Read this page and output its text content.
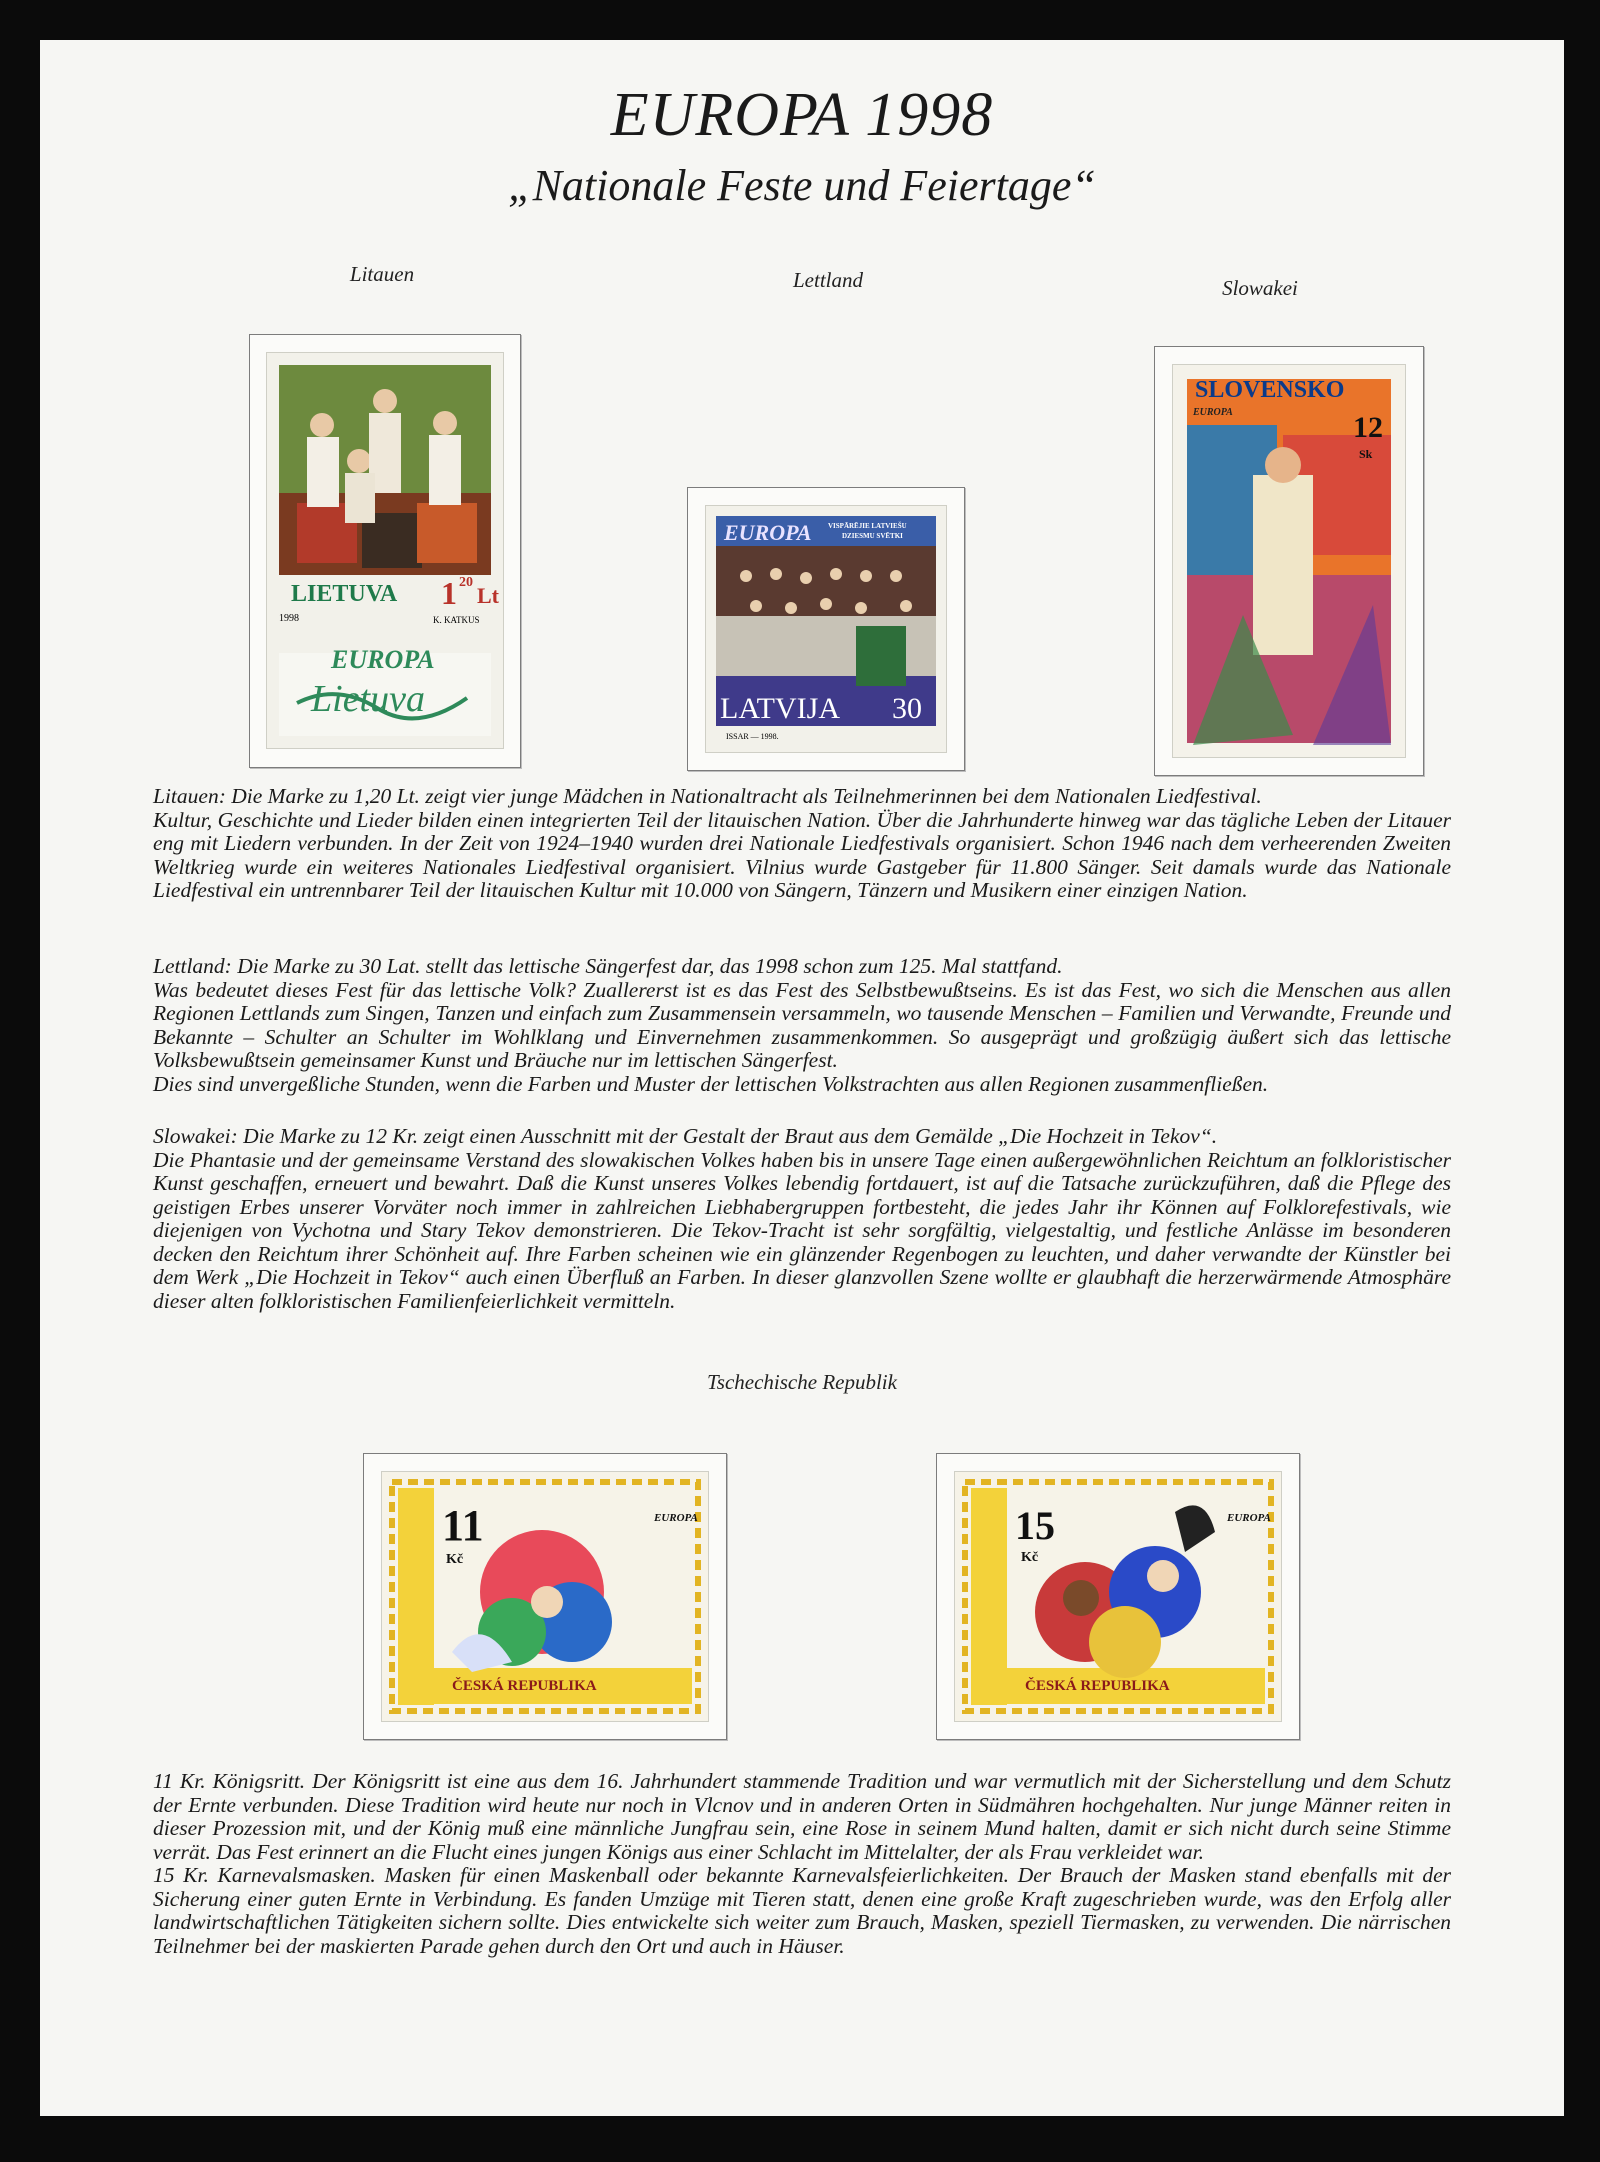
EUROPA 1998
„Nationale Feste und Feiertage“
Litauen	Lettland	Slowakei
LIETUVA 1 20
Lt
1998	K. KATKUS
EUROPA
Lietuva
EUROPA VISPĀRĒJIE LATVIEŠU
DZIESMU SVĒTKI
LATVIJA 30
ISSAR — 1998.
SLOVENSKO
EUROPA	12
Sk

Litauen: Die Marke zu 1,20 Lt. zeigt vier junge Mädchen in Nationaltracht als Teilnehmerinnen bei dem Nationalen Liedfestival.

Kultur, Geschichte und Lieder bilden einen integrierten Teil der litauischen Nation. Über die Jahrhunderte hinweg war das tägliche Leben der Litauer eng mit Liedern verbunden. In der Zeit von 1924–1940 wurden drei Nationale Liedfestivals organisiert. Schon 1946 nach dem verheerenden Zweiten Weltkrieg wurde ein weiteres Nationales Liedfestival organisiert. Vilnius wurde Gastgeber für 11.800 Sänger. Seit damals wurde das Nationale Liedfestival ein untrennbarer Teil der litauischen Kultur mit 10.000 von Sängern, Tänzern und Musikern einer einzigen Nation.

Lettland: Die Marke zu 30 Lat. stellt das lettische Sängerfest dar, das 1998 schon zum 125. Mal stattfand.

Was bedeutet dieses Fest für das lettische Volk? Zuallererst ist es das Fest des Selbstbewußtseins. Es ist das Fest, wo sich die Menschen aus allen Regionen Lettlands zum Singen, Tanzen und einfach zum Zusammensein versammeln, wo tausende Menschen – Familien und Verwandte, Freunde und Bekannte – Schulter an Schulter im Wohlklang und Einvernehmen zusammenkommen. So ausgeprägt und großzügig äußert sich das lettische Volksbewußtsein gemeinsamer Kunst und Bräuche nur im lettischen Sängerfest.

Dies sind unvergeßliche Stunden, wenn die Farben und Muster der lettischen Volkstrachten aus allen Regionen zusammenfließen.

Slowakei: Die Marke zu 12 Kr. zeigt einen Ausschnitt mit der Gestalt der Braut aus dem Gemälde „Die Hochzeit in Tekov“.

Die Phantasie und der gemeinsame Verstand des slowakischen Volkes haben bis in unsere Tage einen außergewöhnlichen Reichtum an folkloristischer Kunst geschaffen, erneuert und bewahrt. Daß die Kunst unseres Volkes lebendig fortdauert, ist auf die Tatsache zurückzuführen, daß die Pflege des geistigen Erbes unserer Vorväter noch immer in zahlreichen Liebhabergruppen fortbesteht, die jedes Jahr ihr Können auf Folklorefestivals, wie diejenigen von Vychotna und Stary Tekov demonstrieren. Die Tekov-Tracht ist sehr sorgfältig, vielgestaltig, und festliche Anlässe im besonderen decken den Reichtum ihrer Schönheit auf. Ihre Farben scheinen wie ein glänzender Regenbogen zu leuchten, und daher verwandte der Künstler bei dem Werk „Die Hochzeit in Tekov“ auch einen Überfluß an Farben. In dieser glanzvollen Szene wollte er glaubhaft die herzerwärmende Atmosphäre dieser alten folkloristischen Familienfeierlichkeit vermitteln.

Tschechische Republik
11
Kč
ČESKÁ REPUBLIKA
EUROPA	15
Kč
ČESKÁ REPUBLIKA
EUROPA

11 Kr. Königsritt. Der Königsritt ist eine aus dem 16. Jahrhundert stammende Tradition und war vermutlich mit der Sicherstellung und dem Schutz der Ernte verbunden. Diese Tradition wird heute nur noch in Vlcnov und in anderen Orten in Südmähren hochgehalten. Nur junge Männer reiten in dieser Prozession mit, und der König muß eine männliche Jungfrau sein, eine Rose in seinem Mund halten, damit er sich nicht durch seine Stimme verrät. Das Fest erinnert an die Flucht eines jungen Königs aus einer Schlacht im Mittelalter, der als Frau verkleidet war.

15 Kr. Karnevalsmasken. Masken für einen Maskenball oder bekannte Karnevalsfeierlichkeiten. Der Brauch der Masken stand ebenfalls mit der Sicherung einer guten Ernte in Verbindung. Es fanden Umzüge mit Tieren statt, denen eine große Kraft zugeschrieben wurde, was den Erfolg aller landwirtschaftlichen Tätigkeiten sichern sollte. Dies entwickelte sich weiter zum Brauch, Masken, speziell Tiermasken, zu verwenden. Die närrischen Teilnehmer bei der maskierten Parade gehen durch den Ort und auch in Häuser.
